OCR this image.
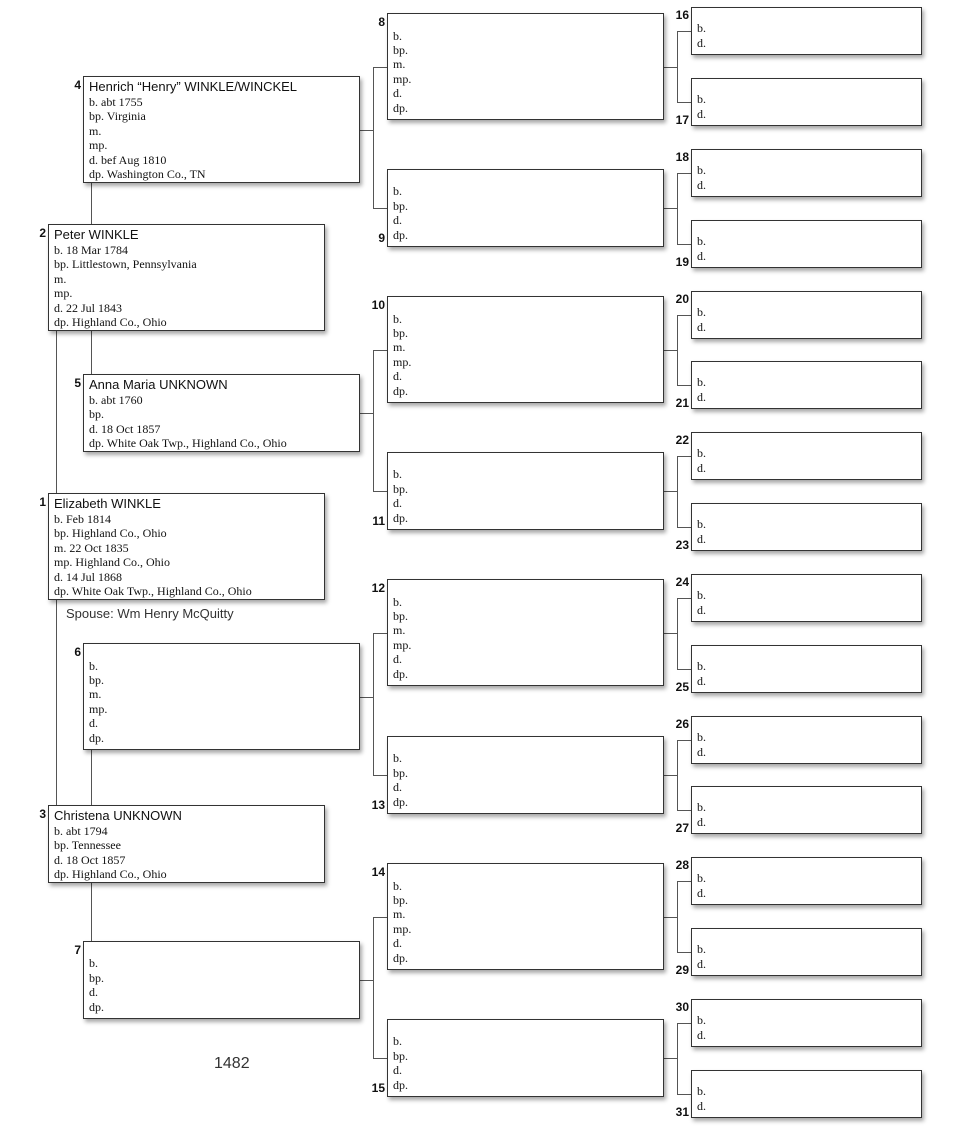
Spouse: Wm Henry McQuitty
1482
Elizabeth WINKLE
b. Feb 1814
bp. Highland Co., Ohio
m. 22 Oct 1835
mp. Highland Co., Ohio
d. 14 Jul 1868
dp. White Oak Twp., Highland Co., Ohio
1
Peter WINKLE
b. 18 Mar 1784
bp. Littlestown, Pennsylvania
m.
mp.
d. 22 Jul 1843
dp. Highland Co., Ohio
2
Christena UNKNOWN
b. abt 1794
bp. Tennessee
d. 18 Oct 1857
dp. Highland Co., Ohio
3
Henrich “Henry” WINKLE/WINCKEL
b. abt 1755
bp. Virginia
m.
mp.
d. bef Aug 1810
dp. Washington Co., TN
4
Anna Maria UNKNOWN
b. abt 1760
bp.
d. 18 Oct 1857
dp. White Oak Twp., Highland Co., Ohio
5
b.
bp.
m.
mp.
d.
dp.
6
b.
bp.
d.
dp.
7
b.
bp.
m.
mp.
d.
dp.
8
b.
bp.
d.
dp.
9
b.
bp.
m.
mp.
d.
dp.
10
b.
bp.
d.
dp.
11
b.
bp.
m.
mp.
d.
dp.
12
b.
bp.
d.
dp.
13
b.
bp.
m.
mp.
d.
dp.
14
b.
bp.
d.
dp.
15
b.
d.
16
b.
d.
17
b.
d.
18
b.
d.
19
b.
d.
20
b.
d.
21
b.
d.
22
b.
d.
23
b.
d.
24
b.
d.
25
b.
d.
26
b.
d.
27
b.
d.
28
b.
d.
29
b.
d.
30
b.
d.
31
